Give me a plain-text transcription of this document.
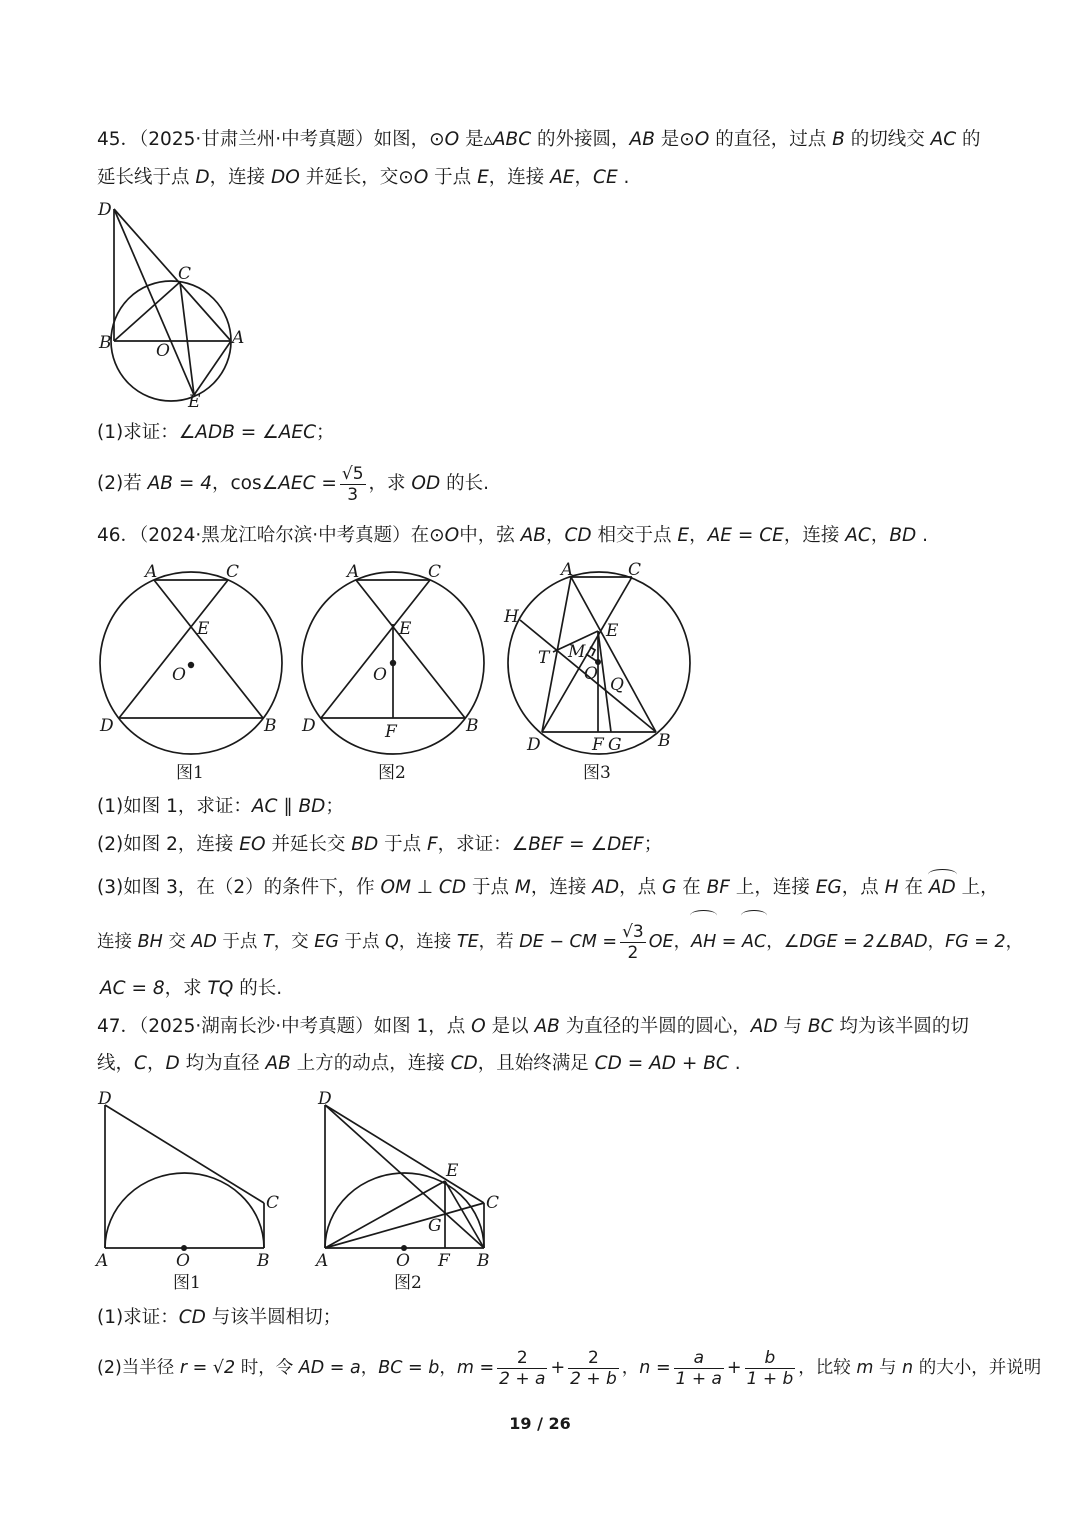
45．（2025·甘肃兰州·中考真题）如图，⊙O 是▵ABC 的外接圆，AB 是⊙O 的直径，过点 B 的切线交 AC 的
延长线于点 D，连接 DO 并延长，交⊙O 于点 E，连接 AE，CE .
D
C
B	O
A
E
(1)求证：∠ADB = ∠AEC；
(2)若 AB = 4，cos∠AEC = $\frac{√5}{3}$ ，求 OD 的长.
46．（2024·黑龙江哈尔滨·中考真题）在⊙O中，弦 AB，CD 相交于点 E，AE = CE，连接 AC，BD .
A	C
E
O
D	B
图1
A	C
E
O
D	F	B
图2
A	C
H
E
T M
O
Q
D	F G B
图3
(1)如图 1，求证：AC ∥ BD；
(2)如图 2，连接 EO 并延长交 BD 于点 F，求证：∠BEF = ∠DEF；
(3)如图 3，在（2）的条件下，作 OM ⊥ CD 于点 M，连接 AD，点 G 在 BF 上，连接 EG，点 H 在 AD 上，
连接 BH 交 AD 于点 T，交 EG 于点 Q，连接 TE，若 DE − CM = $\frac{√3}{2}$ OE，AH = AC，∠DGE = 2∠BAD，FG = 2，
AC = 8，求 TQ 的长.
47．（2025·湖南长沙·中考真题）如图 1，点 O 是以 AB 为直径的半圆的圆心，AD 与 BC 均为该半圆的切
线，C，D 均为直径 AB 上方的动点，连接 CD，且始终满足 CD = AD + BC .
D
C
A	O	B
图1
D
E
C
G
A	O F B
图2
(1)求证：CD 与该半圆相切；
(2)当半径 r = √2 时，令 AD = a，BC = b，$m = \frac{2}{2 + a} + \frac{2}{2 + b}$ ，$n = \frac{a}{1 + a} + \frac{b}{1 + b}$ ，比较 m 与 n 的大小，并说明
19 / 26
